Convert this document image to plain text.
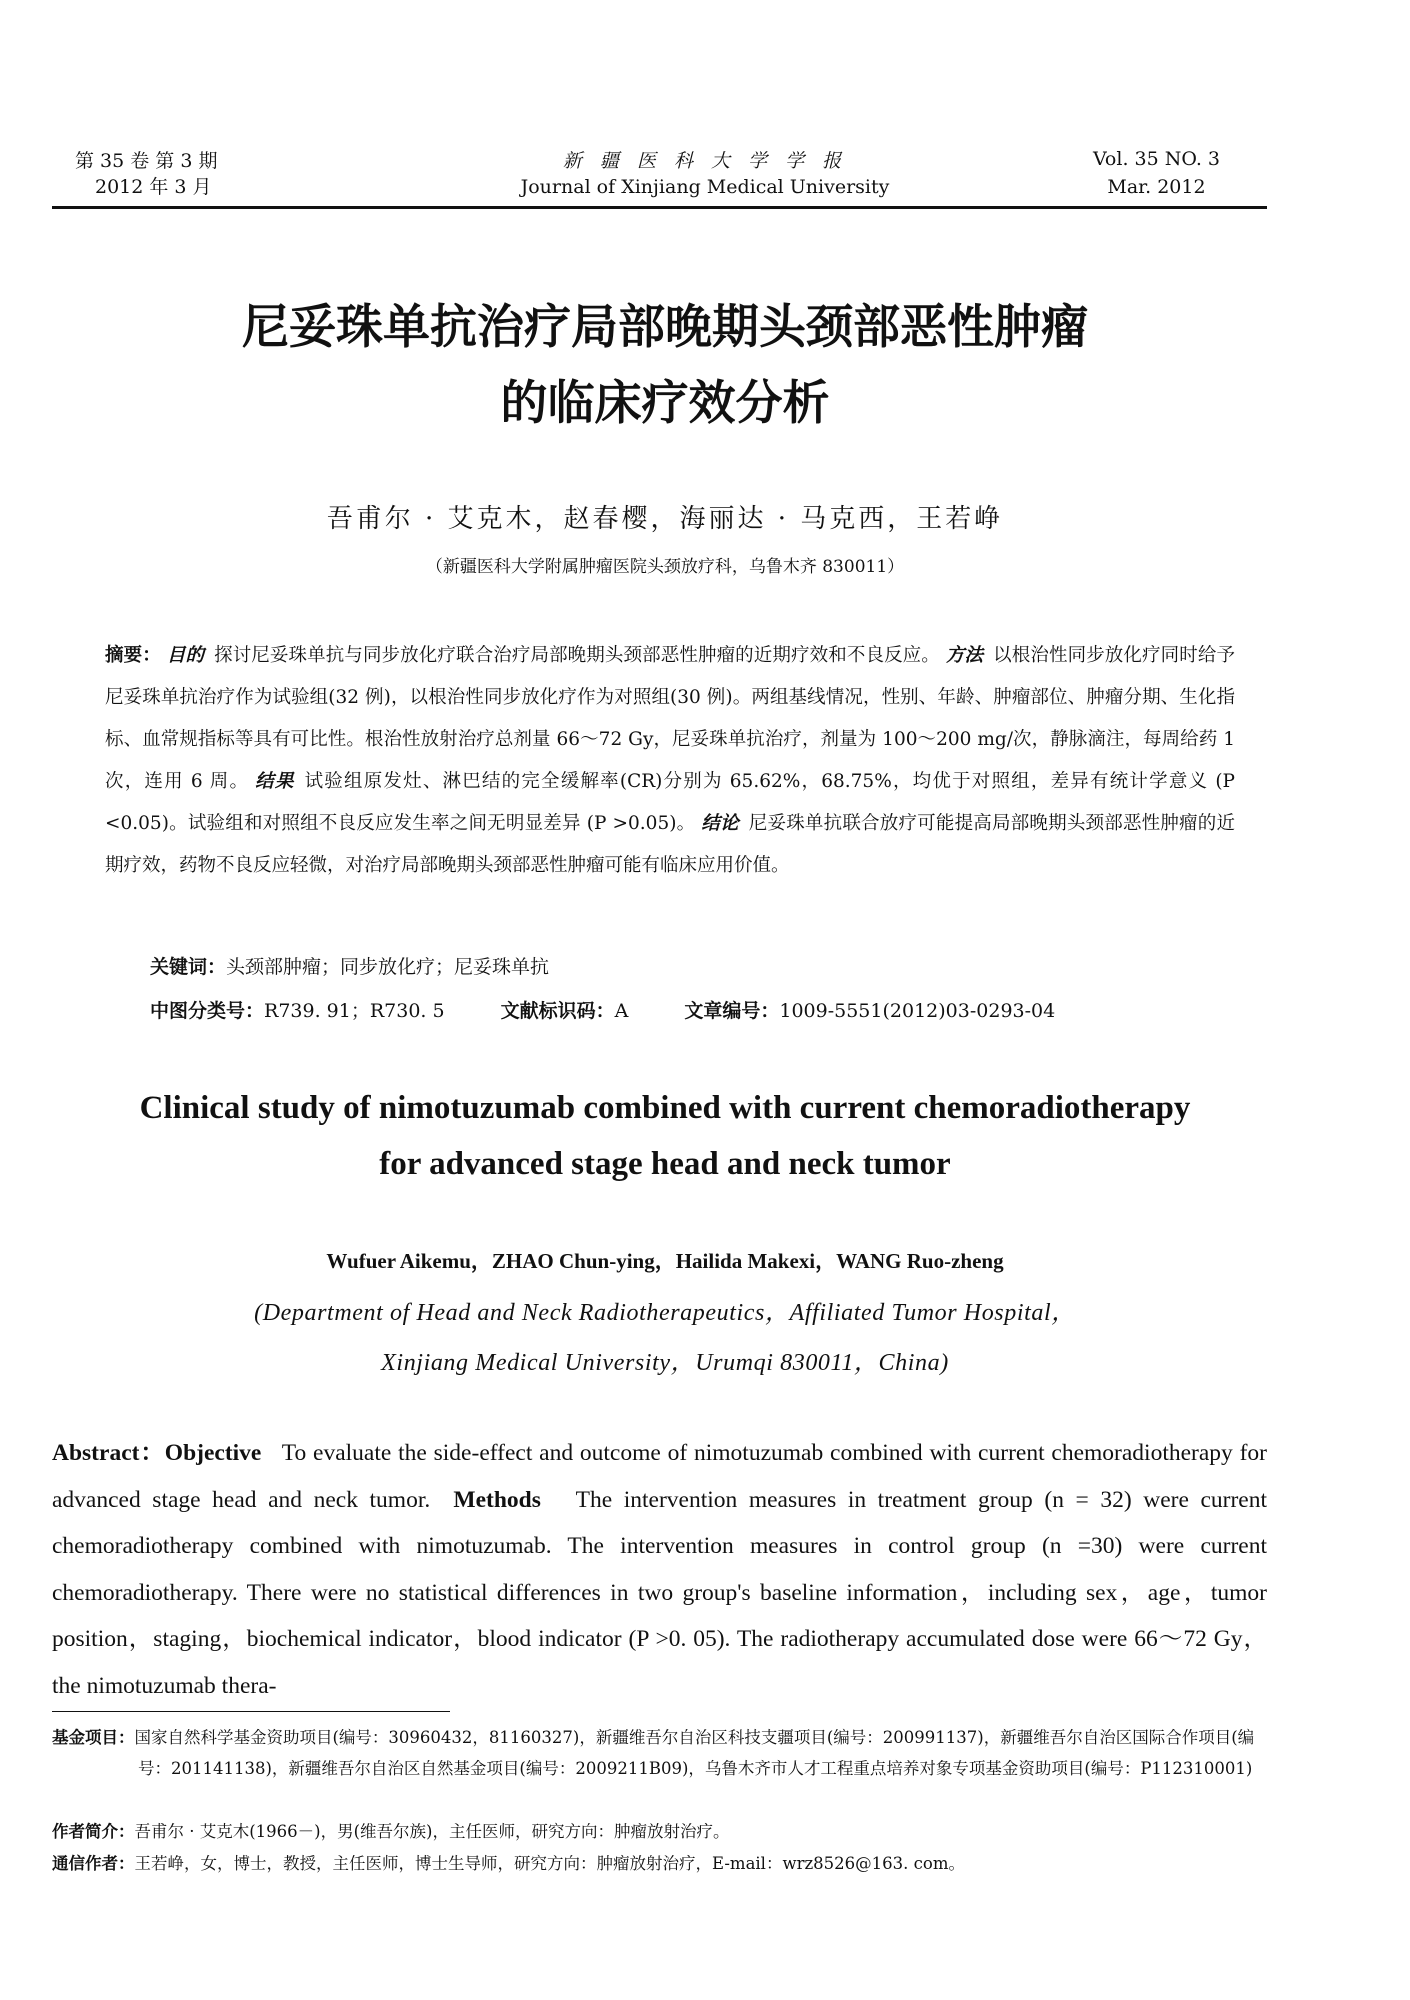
第 35 卷 第 3 期
2012 年 3 月
新 疆 医 科 大 学 学 报
Journal of Xinjiang Medical University
Vol. 35 NO. 3
Mar. 2012
尼妥珠单抗治疗局部晚期头颈部恶性肿瘤
的临床疗效分析
吾甫尔 · 艾克木，赵春樱，海丽达 · 马克西，王若峥
（新疆医科大学附属肿瘤医院头颈放疗科，乌鲁木齐 830011）
摘要： 目的 探讨尼妥珠单抗与同步放化疗联合治疗局部晚期头颈部恶性肿瘤的近期疗效和不良反应。 方法 以根治性同步放化疗同时给予尼妥珠单抗治疗作为试验组(32 例)，以根治性同步放化疗作为对照组(30 例)。两组基线情况，性别、年龄、肿瘤部位、肿瘤分期、生化指标、血常规指标等具有可比性。根治性放射治疗总剂量 66～72 Gy，尼妥珠单抗治疗，剂量为 100～200 mg/次，静脉滴注，每周给药 1 次，连用 6 周。 结果 试验组原发灶、淋巴结的完全缓解率(CR)分别为 65.62%，68.75%，均优于对照组，差异有统计学意义 (P <0.05)。试验组和对照组不良反应发生率之间无明显差异 (P >0.05)。 结论 尼妥珠单抗联合放疗可能提高局部晚期头颈部恶性肿瘤的近期疗效，药物不良反应轻微，对治疗局部晚期头颈部恶性肿瘤可能有临床应用价值。
关键词：头颈部肿瘤；同步放化疗；尼妥珠单抗
中图分类号：R739. 91；R730. 5	文献标识码：A	文章编号：1009-5551(2012)03-0293-04
Clinical study of nimotuzumab combined with current chemoradiotherapy
for advanced stage head and neck tumor
Wufuer Aikemu，ZHAO Chun-ying，Hailida Makexi，WANG Ruo-zheng
(Department of Head and Neck Radiotherapeutics，Affiliated Tumor Hospital，
Xinjiang Medical University，Urumqi 830011，China)
Abstract：Objective To evaluate the side-effect and outcome of nimotuzumab combined with current chemoradiotherapy for advanced stage head and neck tumor. Methods The intervention measures in treatment group (n = 32) were current chemoradiotherapy combined with nimotuzumab. The intervention measures in control group (n =30) were current chemoradiotherapy. There were no statistical differences in two group's baseline information，including sex，age，tumor position，staging，biochemical indicator，blood indicator (P >0. 05). The radiotherapy accumulated dose were 66～72 Gy，the nimotuzumab thera-
基金项目：国家自然科学基金资助项目(编号：30960432，81160327)，新疆维吾尔自治区科技支疆项目(编号：200991137)，新疆维吾尔自治区国际合作项目(编号：201141138)，新疆维吾尔自治区自然基金项目(编号：2009211B09)，乌鲁木齐市人才工程重点培养对象专项基金资助项目(编号：P112310001)
作者简介：吾甫尔 · 艾克木(1966－)，男(维吾尔族)，主任医师，研究方向：肿瘤放射治疗。
通信作者：王若峥，女，博士，教授，主任医师，博士生导师，研究方向：肿瘤放射治疗，E-mail：wrz8526@163. com。
